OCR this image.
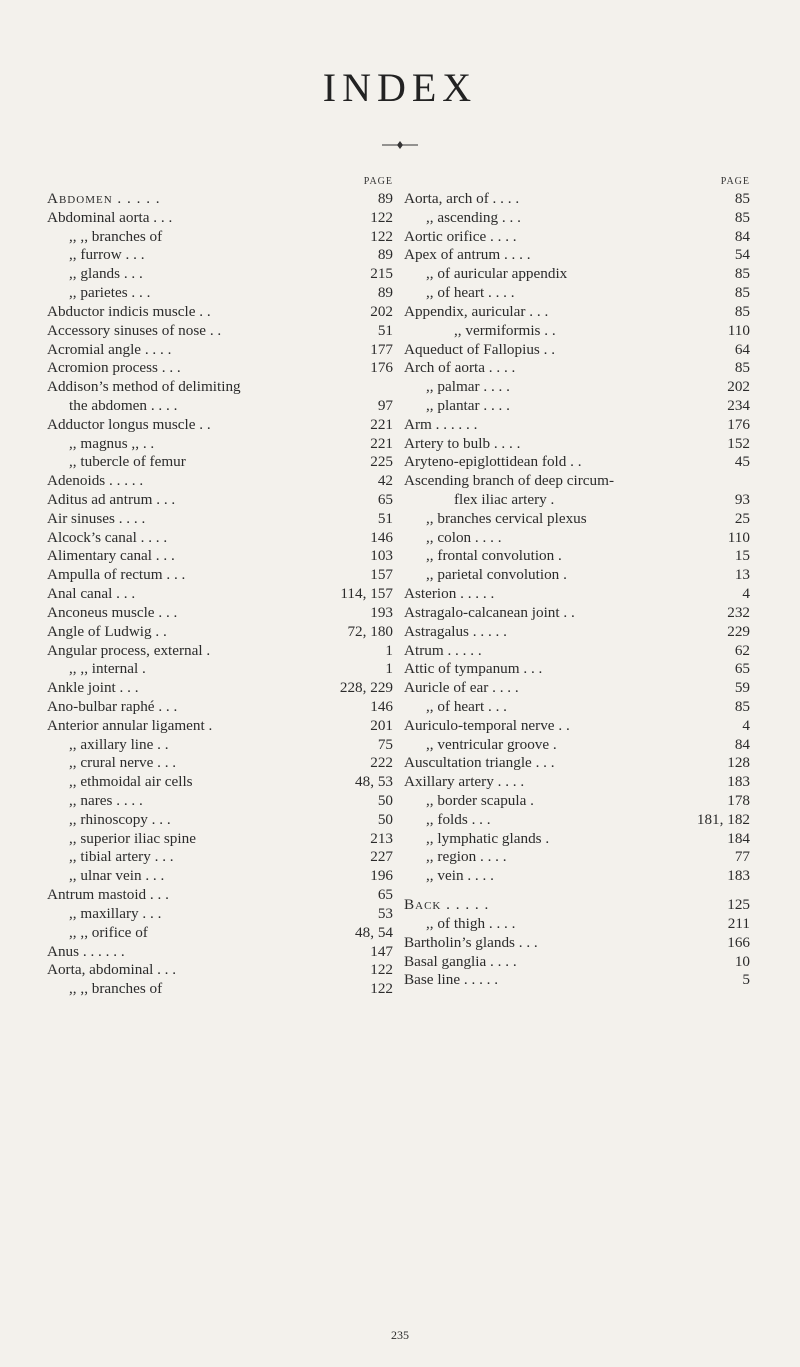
INDEX
PAGE
Abdomen . . . . .	89
Abdominal aorta . . .	122
,, ,, branches of	122
,, furrow . . .	89
,, glands . . .	215
,, parietes . . .	89
Abductor indicis muscle . .	202
Accessory sinuses of nose . .	51
Acromial angle . . . .	177
Acromion process . . .	176
Addison’s method of delimiting
the abdomen . . . .	97
Adductor longus muscle . .	221
,, magnus ,, . .	221
,, tubercle of femur	225
Adenoids . . . . .	42
Aditus ad antrum . . .	65
Air sinuses . . . .	51
Alcock’s canal . . . .	146
Alimentary canal . . .	103
Ampulla of rectum . . .	157
Anal canal . . .	114, 157
Anconeus muscle . . .	193
Angle of Ludwig . .	72, 180
Angular process, external .	1
,, ,, internal .	1
Ankle joint . . .	228, 229
Ano-bulbar raphé . . .	146
Anterior annular ligament .	201
,, axillary line . .	75
,, crural nerve . . .	222
,, ethmoidal air cells	48, 53
,, nares . . . .	50
,, rhinoscopy . . .	50
,, superior iliac spine	213
,, tibial artery . . .	227
,, ulnar vein . . .	196
Antrum mastoid . . .	65
,, maxillary . . .	53
,, ,, orifice of	48, 54
Anus . . . . . .	147
Aorta, abdominal . . .	122
,, ,, branches of	122
PAGE
Aorta, arch of . . . .	85
,, ascending . . .	85
Aortic orifice . . . .	84
Apex of antrum . . . .	54
,, of auricular appendix	85
,, of heart . . . .	85
Appendix, auricular . . .	85
,, vermiformis . .	110
Aqueduct of Fallopius . .	64
Arch of aorta . . . .	85
,, palmar . . . .	202
,, plantar . . . .	234
Arm . . . . . .	176
Artery to bulb . . . .	152
Aryteno-epiglottidean fold . .	45
Ascending branch of deep circum-
flex iliac artery .	93
,, branches cervical plexus	25
,, colon . . . .	110
,, frontal convolution .	15
,, parietal convolution .	13
Asterion . . . . .	4
Astragalo-calcanean joint . .	232
Astragalus . . . . .	229
Atrum . . . . .	62
Attic of tympanum . . .	65
Auricle of ear . . . .	59
,, of heart . . .	85
Auriculo-temporal nerve . .	4
,, ventricular groove .	84
Auscultation triangle . . .	128
Axillary artery . . . .	183
,, border scapula .	178
,, folds . . .	181, 182
,, lymphatic glands .	184
,, region . . . .	77
,, vein . . . .	183
Back . . . . .	125
,, of thigh . . . .	211
Bartholin’s glands . . .	166
Basal ganglia . . . .	10
Base line . . . . .	5
235
